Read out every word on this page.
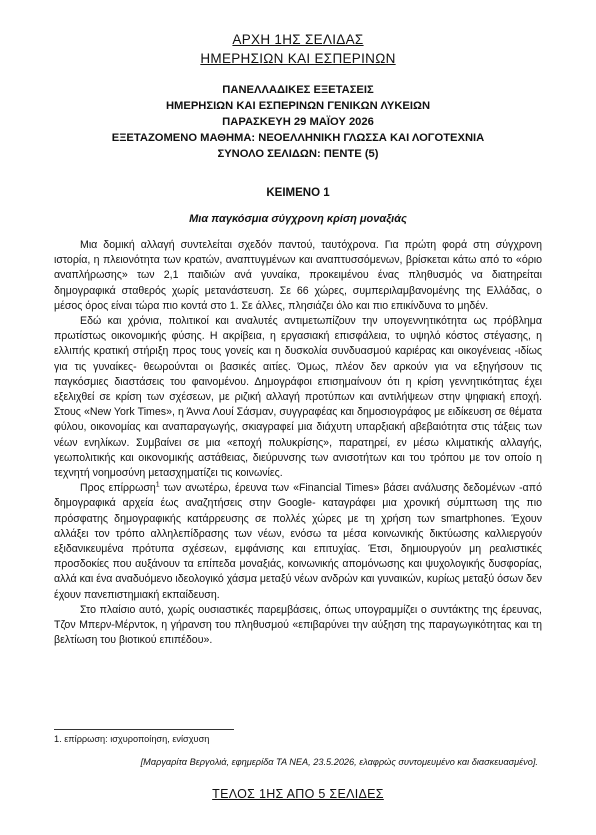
ΑΡΧΗ 1ΗΣ ΣΕΛΙΔΑΣ
ΗΜΕΡΗΣΙΩΝ ΚΑΙ ΕΣΠΕΡΙΝΩΝ
ΠΑΝΕΛΛΑΔΙΚΕΣ ΕΞΕΤΑΣΕΙΣ
ΗΜΕΡΗΣΙΩΝ ΚΑΙ ΕΣΠΕΡΙΝΩΝ ΓΕΝΙΚΩΝ ΛΥΚΕΙΩΝ
ΠΑΡΑΣΚΕΥΗ 29 ΜΑΪΟΥ 2026
ΕΞΕΤΑΖΟΜΕΝΟ ΜΑΘΗΜΑ: ΝΕΟΕΛΛΗΝΙΚΗ ΓΛΩΣΣΑ ΚΑΙ ΛΟΓΟΤΕΧΝΙΑ
ΣΥΝΟΛΟ ΣΕΛΙΔΩΝ: ΠΕΝΤΕ (5)
ΚΕΙΜΕΝΟ 1
Μια παγκόσμια σύγχρονη κρίση μοναξιάς

Μια δομική αλλαγή συντελείται σχεδόν παντού, ταυτόχρονα. Για πρώτη φορά στη σύγχρονη ιστορία, η πλειονότητα των κρατών, αναπτυγμένων και αναπτυσσόμενων, βρίσκεται κάτω από το «όριο αναπλήρωσης» των 2,1 παιδιών ανά γυναίκα, προκειμένου ένας πληθυσμός να διατηρείται δημογραφικά σταθερός χωρίς μετανάστευση. Σε 66 χώρες, συμπεριλαμβανομένης της Ελλάδας, ο μέσος όρος είναι τώρα πιο κοντά στο 1. Σε άλλες, πλησιάζει όλο και πιο επικίνδυνα το μηδέν.

Εδώ και χρόνια, πολιτικοί και αναλυτές αντιμετωπίζουν την υπογεννητικότητα ως πρόβλημα πρωτίστως οικονομικής φύσης. Η ακρίβεια, η εργασιακή επισφάλεια, το υψηλό κόστος στέγασης, η ελλιπής κρατική στήριξη προς τους γονείς και η δυσκολία συνδυασμού καριέρας και οικογένειας -ιδίως για τις γυναίκες- θεωρούνται οι βασικές αιτίες. Όμως, πλέον δεν αρκούν για να εξηγήσουν τις παγκόσμιες διαστάσεις του φαινομένου. Δημογράφοι επισημαίνουν ότι η κρίση γεννητικότητας έχει εξελιχθεί σε κρίση των σχέσεων, με ριζική αλλαγή προτύπων και αντιλήψεων στην ψηφιακή εποχή. Στους «New York Times», η Άννα Λουί Σάσμαν, συγγραφέας και δημοσιογράφος με ειδίκευση σε θέματα φύλου, οικονομίας και αναπαραγωγής, σκιαγραφεί μια διάχυτη υπαρξιακή αβεβαιότητα στις τάξεις των νέων ενηλίκων. Συμβαίνει σε μια «εποχή πολυκρίσης», παρατηρεί, εν μέσω κλιματικής αλλαγής, γεωπολιτικής και οικονομικής αστάθειας, διεύρυνσης των ανισοτήτων και του τρόπου με τον οποίο η τεχνητή νοημοσύνη μετασχηματίζει τις κοινωνίες.

Προς επίρρωση$^1$ των ανωτέρω, έρευνα των «Financial Times» βάσει ανάλυσης δεδομένων -από δημογραφικά αρχεία έως αναζητήσεις στην Google- καταγράφει μια χρονική σύμπτωση της πιο πρόσφατης δημογραφικής κατάρρευσης σε πολλές χώρες με τη χρήση των smartphones. Έχουν αλλάξει τον τρόπο αλληλεπίδρασης των νέων, ενόσω τα μέσα κοινωνικής δικτύωσης καλλιεργούν εξιδανικευμένα πρότυπα σχέσεων, εμφάνισης και επιτυχίας. Έτσι, δημιουργούν μη ρεαλιστικές προσδοκίες που αυξάνουν τα επίπεδα μοναξιάς, κοινωνικής απομόνωσης και ψυχολογικής δυσφορίας, αλλά και ένα αναδυόμενο ιδεολογικό χάσμα μεταξύ νέων ανδρών και γυναικών, κυρίως μεταξύ όσων δεν έχουν πανεπιστημιακή εκπαίδευση.

Στο πλαίσιο αυτό, χωρίς ουσιαστικές παρεμβάσεις, όπως υπογραμμίζει ο συντάκτης της έρευνας, Τζον Μπερν-Μέρντοκ, η γήρανση του πληθυσμού «επιβαρύνει την αύξηση της παραγωγικότητας και τη βελτίωση του βιοτικού επιπέδου».

1. επίρρωση: ισχυροποίηση, ενίσχυση
[Μαργαρίτα Βεργολιά, εφημερίδα ΤΑ ΝΕΑ, 23.5.2026, ελαφρώς συντομευμένο και διασκευασμένο].
ΤΕΛΟΣ 1ΗΣ ΑΠΟ 5 ΣΕΛΙΔΕΣ
